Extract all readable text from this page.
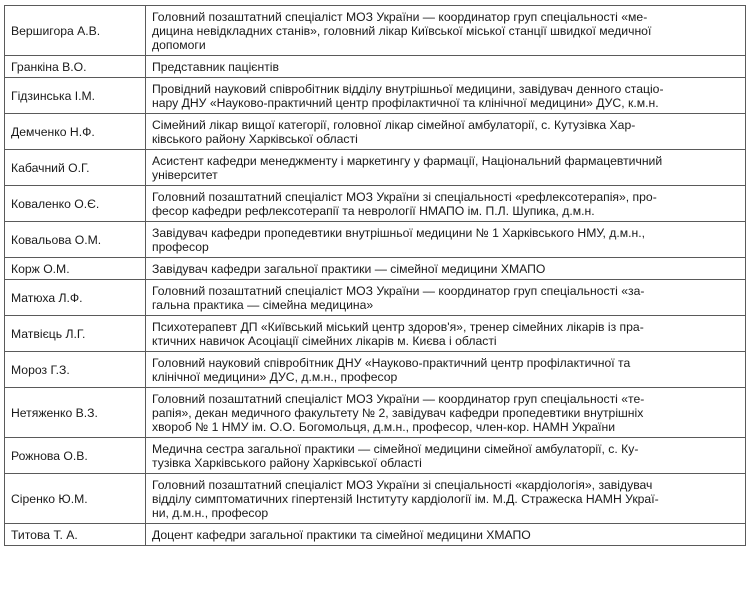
Вершигора А.В.	Головний позаштатний спеціаліст МОЗ України — координатор груп спеціальності «ме-
дицина невідкладних станів», головний лікар Київської міської станції швидкої медичної
допомоги
Гранкіна В.О.	Представник пацієнтів
Гідзинська І.М.	Провідний науковий співробітник відділу внутрішньої медицини, завідувач денного стаціо-
нару ДНУ «Науково-практичний центр профілактичної та клінічної медицини» ДУС, к.м.н.
Демченко Н.Ф.	Сімейний лікар вищої категорії, головної лікар сімейної амбулаторії, с. Кутузівка Хар-
ківського району Харківської області
Кабачний О.Г.	Асистент кафедри менеджменту і маркетингу у фармації, Національний фармацевтичний
університет
Коваленко О.Є.	Головний позаштатний спеціаліст МОЗ України зі спеціальності «рефлексотерапія», про-
фесор кафедри рефлексотерапії та неврології НМАПО ім. П.Л. Шупика, д.м.н.
Ковальова О.М.	Завідувач кафедри пропедевтики внутрішньої медицини № 1 Харківського НМУ, д.м.н.,
професор
Корж О.М.	Завідувач кафедри загальної практики — сімейної медицини ХМАПО
Матюха Л.Ф.	Головний позаштатний спеціаліст МОЗ України — координатор груп спеціальності «за-
гальна практика — сімейна медицина»
Матвієць Л.Г.	Психотерапевт ДП «Київський міський центр здоров'я», тренер сімейних лікарів із пра-
ктичних навичок Асоціації сімейних лікарів м. Києва і області
Мороз Г.З.	Головний науковий співробітник ДНУ «Науково-практичний центр профілактичної та
клінічної медицини» ДУС, д.м.н., професор
Нетяженко В.З.	Головний позаштатний спеціаліст МОЗ України — координатор груп спеціальності «те-
рапія», декан медичного факультету № 2, завідувач кафедри пропедевтики внутрішніх
хвороб № 1 НМУ ім. О.О. Богомольця, д.м.н., професор, член-кор. НАМН України
Рожнова О.В.	Медична сестра загальної практики — сімейної медицини сімейної амбулаторії, с. Ку-
тузівка Харківського району Харківської області
Сіренко Ю.М.	Головний позаштатний спеціаліст МОЗ України зі спеціальності «кардіологія», завідувач
відділу симптоматичних гіпертензій Інституту кардіології ім. М.Д. Стражеска НАМН Украї-
ни, д.м.н., професор
Титова Т. А.	Доцент кафедри загальної практики та сімейної медицини ХМАПО
